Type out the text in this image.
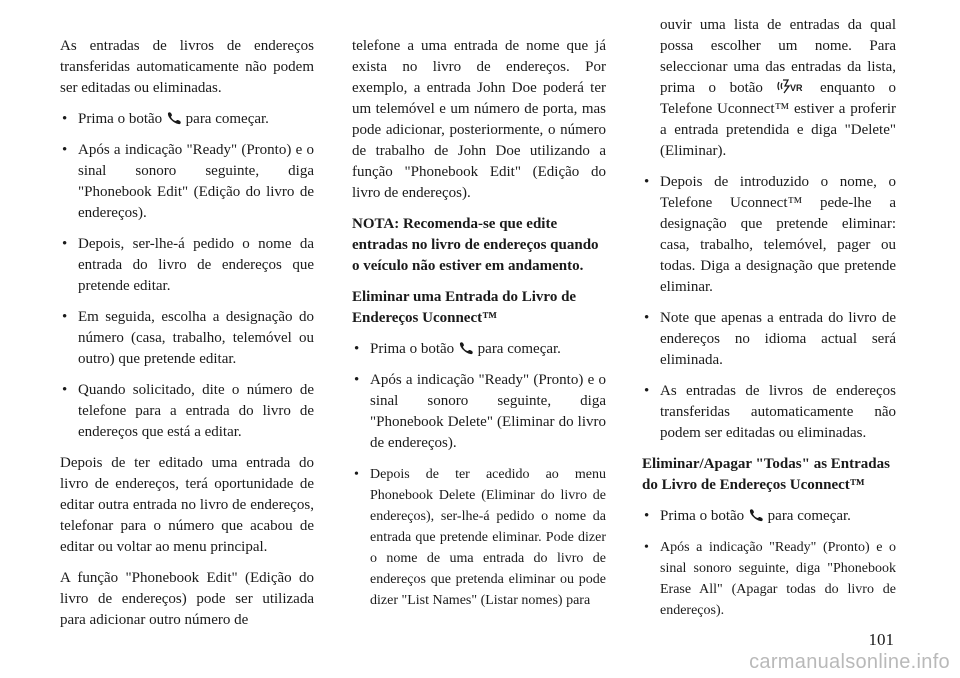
As entradas de livros de endereços transferidas automaticamente não podem ser editadas ou eliminadas.

• Prima o botão para começar.
• Após a indicação "Ready" (Pronto) e o sinal sonoro seguinte, diga "Phonebook Edit" (Edição do livro de endereços).
• Depois, ser-lhe-á pedido o nome da entrada do livro de endereços que pretende editar.
• Em seguida, escolha a designação do número (casa, trabalho, telemóvel ou outro) que pretende editar.
• Quando solicitado, dite o número de telefone para a entrada do livro de endereços que está a editar.

Depois de ter editado uma entrada do livro de endereços, terá oportunidade de editar outra entrada no livro de endereços, telefonar para o número que acabou de editar ou voltar ao menu principal.

A função "Phonebook Edit" (Edição do livro de endereços) pode ser utilizada para adicionar outro número de

telefone a uma entrada de nome que já exista no livro de endereços. Por exemplo, a entrada John Doe poderá ter um telemóvel e um número de porta, mas pode adicionar, posteriormente, o número de trabalho de John Doe utilizando a função "Phonebook Edit" (Edição do livro de endereços).

NOTA: Recomenda-se que edite entradas no livro de endereços quando o veículo não estiver em andamento.

Eliminar uma Entrada do Livro de Endereços Uconnect™

• Prima o botão para começar.
• Após a indicação "Ready" (Pronto) e o sinal sonoro seguinte, diga "Phonebook Delete" (Eliminar do livro de endereços).
• Depois de ter acedido ao menu Phonebook Delete (Eliminar do livro de endereços), ser-lhe-á pedido o nome da entrada que pretende eliminar. Pode dizer o nome de uma entrada do livro de endereços que pretenda eliminar ou pode dizer "List Names" (Listar nomes) para

ouvir uma lista de entradas da qual possa escolher um nome. Para seleccionar uma das entradas da lista, prima o botão	VR enquanto o Telefone Uconnect™ estiver a proferir a entrada pretendida e diga "Delete" (Eliminar).

• Depois de introduzido o nome, o Telefone Uconnect™ pede-lhe a designação que pretende eliminar: casa, trabalho, telemóvel, pager ou todas. Diga a designação que pretende eliminar.
• Note que apenas a entrada do livro de endereços no idioma actual será eliminada.
• As entradas de livros de endereços transferidas automaticamente não podem ser editadas ou eliminadas.

Eliminar/Apagar "Todas" as Entradas do Livro de Endereços Uconnect™

• Prima o botão para começar.
• Após a indicação "Ready" (Pronto) e o sinal sonoro seguinte, diga "Phonebook Erase All" (Apagar todas do livro de endereços).
101
carmanualsonline.info
